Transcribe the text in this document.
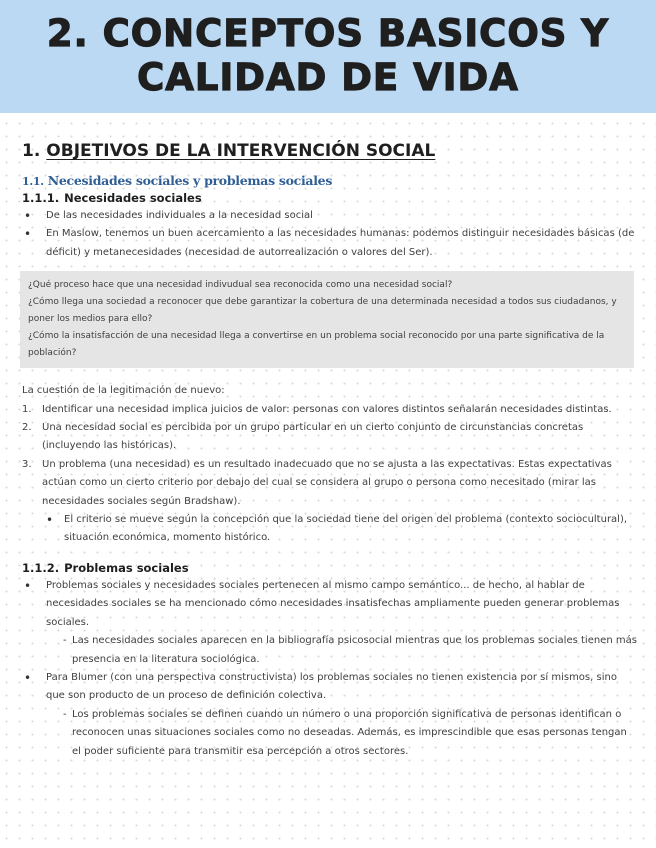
2. CONCEPTOS BASICOS Y
CALIDAD DE VIDA
1. OBJETIVOS DE LA INTERVENCIÓN SOCIAL
1.1. Necesidades sociales y problemas sociales
1.1.1. Necesidades sociales
• De las necesidades individuales a la necesidad social
• En Maslow, tenemos un buen acercamiento a las necesidades humanas: podemos distinguir necesidades básicas (de déficit) y metanecesidades (necesidad de autorrealización o valores del Ser).

¿Qué proceso hace que una necesidad indivudual sea reconocida como una necesidad social?

¿Cómo llega una sociedad a reconocer que debe garantizar la cobertura de una determinada necesidad a todos sus ciudadanos, y poner los medios para ello?

¿Cómo la insatisfacción de una necesidad llega a convertirse en un problema social reconocido por una parte significativa de la población?

La cuestión de la legitimación de nuevo:
1. Identificar una necesidad implica juicios de valor: personas con valores distintos señalarán necesidades distintas.
2. Una necesidad social es percibida por un grupo particular en un cierto conjunto de circunstancias concretas (incluyendo las históricas).
3. Un problema (una necesidad) es un resultado inadecuado que no se ajusta a las expectativas. Estas expectativas actúan como un cierto criterio por debajo del cual se considera al grupo o persona como necesitado (mirar las necesidades sociales según Bradshaw).
• El criterio se mueve según la concepción que la sociedad tiene del origen del problema (contexto sociocultural), situación económica, momento histórico.
1.1.2. Problemas sociales
• Problemas sociales y necesidades sociales pertenecen al mismo campo semántico... de hecho, al hablar de necesidades sociales se ha mencionado cómo necesidades insatisfechas ampliamente pueden generar problemas sociales.
- Las necesidades sociales aparecen en la bibliografía psicosocial mientras que los problemas sociales tienen más presencia en la literatura sociológica.
• Para Blumer (con una perspectiva constructivista) los problemas sociales no tienen existencia por sí mismos, sino que son producto de un proceso de definición colectiva.
- Los problemas sociales se definen cuando un número o una proporción significativa de personas identifican o reconocen unas situaciones sociales como no deseadas. Además, es imprescindible que esas personas tengan el poder suficiente para transmitir esa percepción a otros sectores.
